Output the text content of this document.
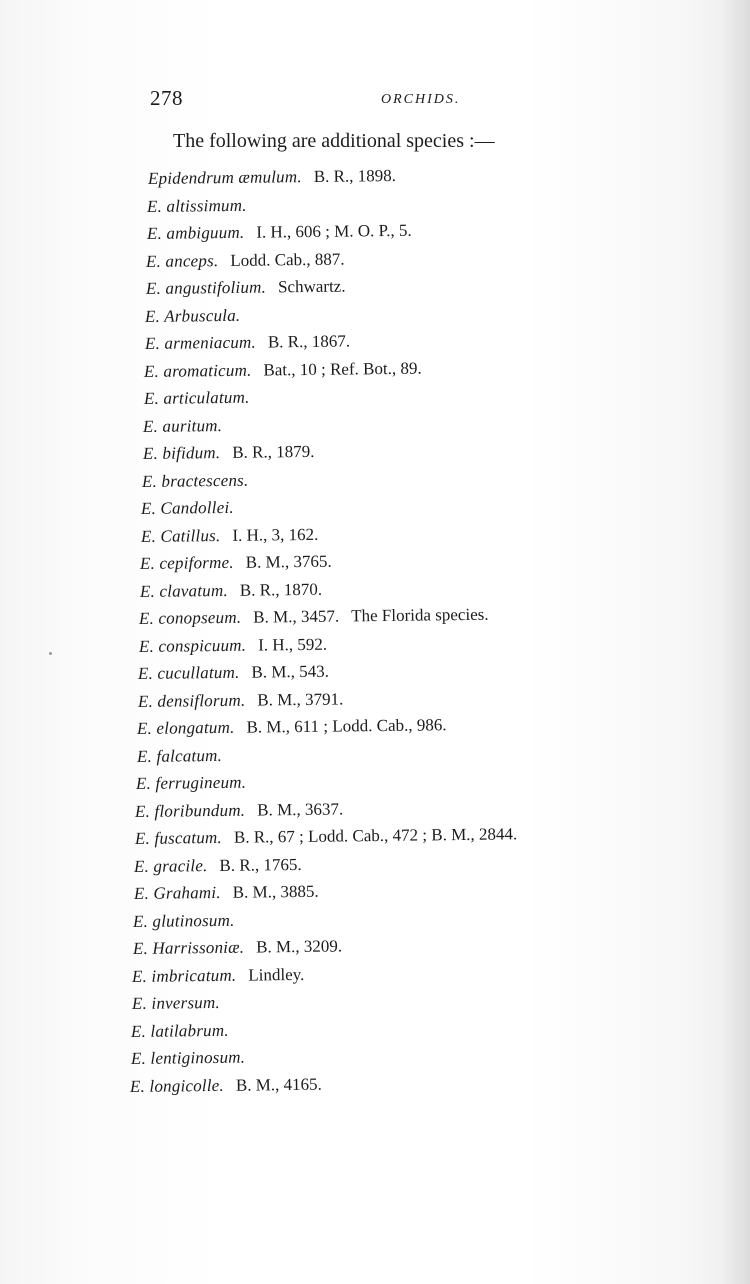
278	ORCHIDS.
The following are additional species :—
Epidendrum æmulum. B. R., 1898.
E. altissimum.
E. ambiguum. I. H., 606 ; M. O. P., 5.
E. anceps. Lodd. Cab., 887.
E. angustifolium. Schwartz.
E. Arbuscula.
E. armeniacum. B. R., 1867.
E. aromaticum. Bat., 10 ; Ref. Bot., 89.
E. articulatum.
E. auritum.
E. bifidum. B. R., 1879.
E. bractescens.
E. Candollei.
E. Catillus. I. H., 3, 162.
E. cepiforme. B. M., 3765.
E. clavatum. B. R., 1870.
E. conopseum. B. M., 3457. The Florida species.
E. conspicuum. I. H., 592.
E. cucullatum. B. M., 543.
E. densiflorum. B. M., 3791.
E. elongatum. B. M., 611 ; Lodd. Cab., 986.
E. falcatum.
E. ferrugineum.
E. floribundum. B. M., 3637.
E. fuscatum. B. R., 67 ; Lodd. Cab., 472 ; B. M., 2844.
E. gracile. B. R., 1765.
E. Grahami. B. M., 3885.
E. glutinosum.
E. Harrissoniæ. B. M., 3209.
E. imbricatum. Lindley.
E. inversum.
E. latilabrum.
E. lentiginosum.
E. longicolle. B. M., 4165.
